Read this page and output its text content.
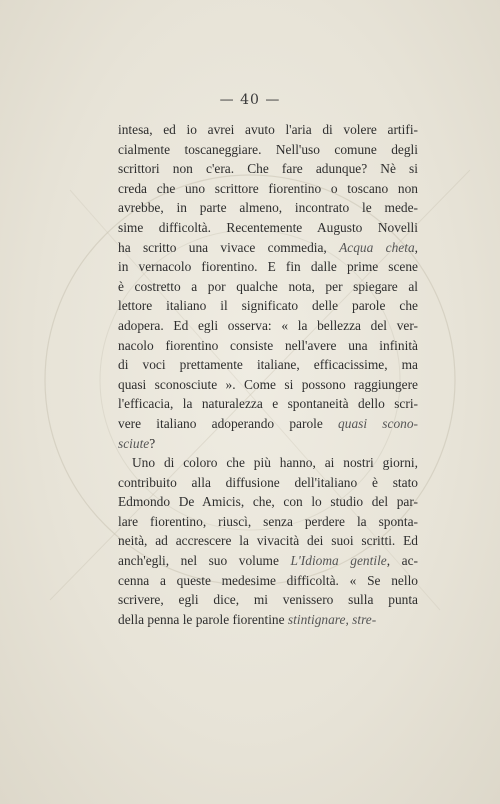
— 40 —
intesa, ed io avrei avuto l'aria di volere artifi-
cialmente toscaneggiare. Nell'uso comune degli
scrittori non c'era. Che fare adunque? Nè si
creda che uno scrittore fiorentino o toscano non
avrebbe, in parte almeno, incontrato le mede-
sime difficoltà. Recentemente Augusto Novelli
ha scritto una vivace commedia, Acqua cheta,
in vernacolo fiorentino. E fin dalle prime scene
è costretto a por qualche nota, per spiegare al
lettore italiano il significato delle parole che
adopera. Ed egli osserva: « la bellezza del ver-
nacolo fiorentino consiste nell'avere una infinità
di voci prettamente italiane, efficacissime, ma
quasi sconosciute ». Come si possono raggiungere
l'efficacia, la naturalezza e spontaneità dello scri-
vere italiano adoperando parole quasi scono-
sciute?
Uno di coloro che più hanno, ai nostri giorni,
contribuito alla diffusione dell'italiano è stato
Edmondo De Amicis, che, con lo studio del par-
lare fiorentino, riuscì, senza perdere la sponta-
neità, ad accrescere la vivacità dei suoi scritti. Ed
anch'egli, nel suo volume L'Idioma gentile, ac-
cenna a queste medesime difficoltà. « Se nello
scrivere, egli dice, mi venissero sulla punta
della penna le parole fiorentine stintignare, stre-
